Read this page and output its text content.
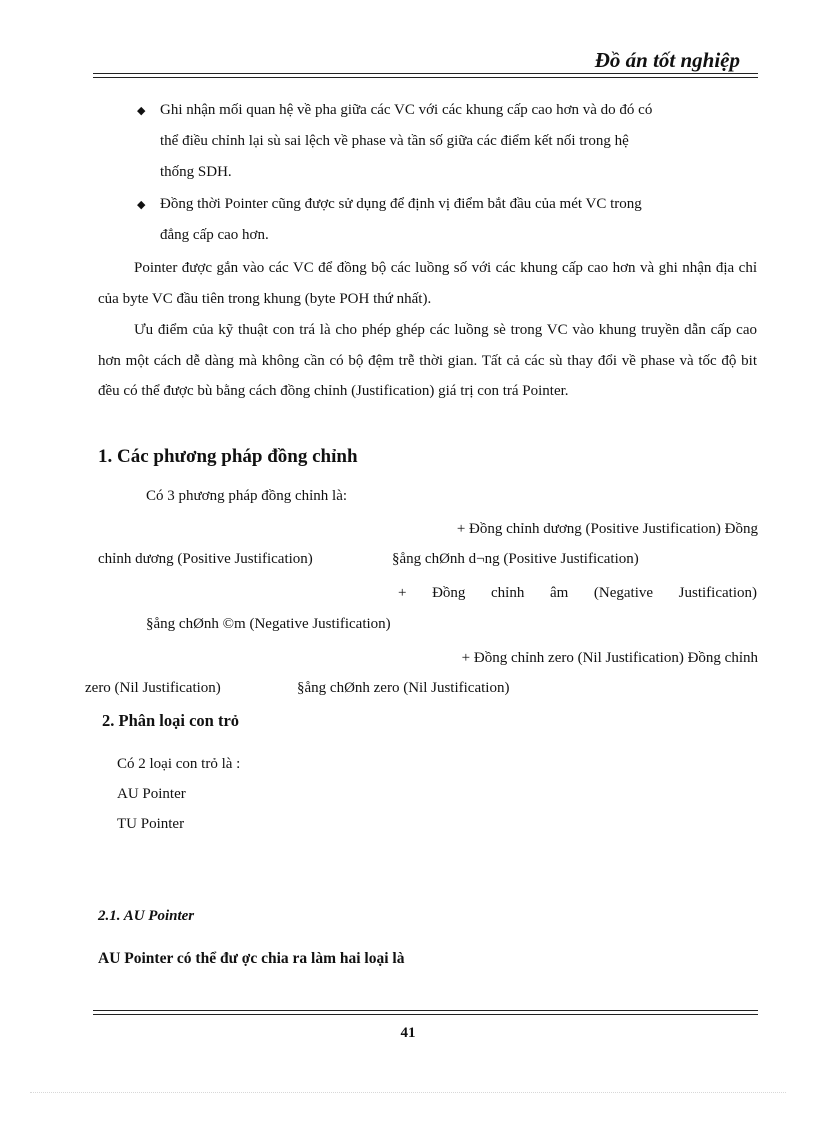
Đồ án tốt nghiệp
◆ Ghi nhận mối quan hệ về pha giữa các VC với các khung cấp cao hơn và do đó có
thể điều chỉnh lại sù sai lệch về phase và tần số giữa các điểm kết nối trong hệ
thống SDH.
◆ Đồng thời Pointer cũng được sử dụng để định vị điểm bắt đầu của mét VC trong
đẳng cấp cao hơn.
Pointer được gắn vào các VC để đồng bộ các luồng số với các khung cấp cao hơn và ghi nhận địa chỉ của byte VC đầu tiên trong khung (byte POH thứ nhất).
Ưu điểm của kỹ thuật con trá là cho phép ghép các luồng sè trong VC vào khung truyền dẫn cấp cao hơn một cách dễ dàng mà không cần có bộ đệm trễ thời gian. Tất cả các sù thay đổi về phase và tốc độ bit đều có thể được bù bằng cách đồng chỉnh (Justification) giá trị con trá Pointer.
1. Các phương pháp đồng chỉnh
Có 3 phương pháp đồng chỉnh là:
+ Đồng chỉnh dương (Positive Justification) Đồng
chỉnh dương (Positive Justification)	§ång chØnh d¬ng (Positive Justification)
+ Đồng chỉnh âm (Negative Justification)
§ång chØnh ©m (Negative Justification)
+ Đồng chỉnh zero (Nil Justification) Đồng chỉnh
zero (Nil Justification)	§ång chØnh zero (Nil Justification)
2. Phân loại con trỏ
Có 2 loại con trỏ là :
AU Pointer
TU Pointer
2.1. AU Pointer
AU Pointer có thể đư ợc chia ra làm hai loại là
41
